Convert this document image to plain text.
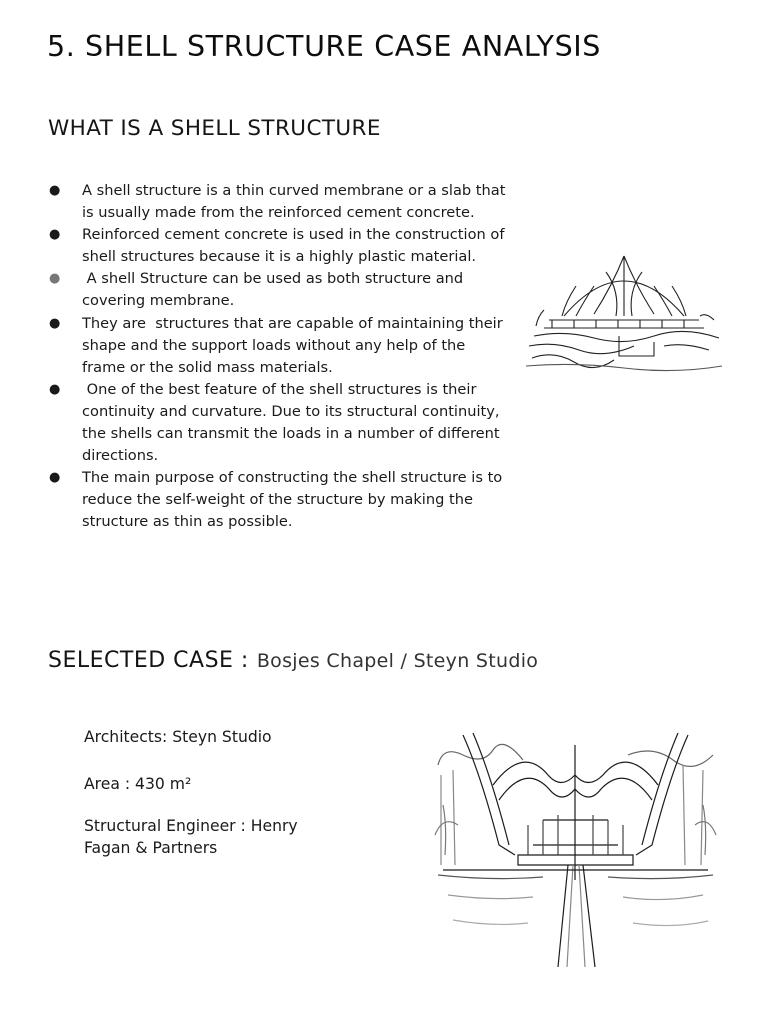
5. SHELL STRUCTURE CASE ANALYSIS
WHAT IS A SHELL STRUCTURE
● A shell structure is a thin curved membrane or a slab that is usually made from the reinforced cement concrete.
● Reinforced cement concrete is used in the construction of shell structures because it is a highly plastic material.
● A shell Structure can be used as both structure and covering membrane.
● They are  structures that are capable of maintaining their shape and the support loads without any help of the frame or the solid mass materials.
● One of the best feature of the shell structures is their continuity and curvature. Due to its structural continuity, the shells can transmit the loads in a number of different directions.
● The main purpose of constructing the shell structure is to reduce the self-weight of the structure by making the structure as thin as possible.
SELECTED CASE : Bosjes Chapel / Steyn Studio
Architects: Steyn Studio
Area : 430 m²
Structural Engineer : Henry Fagan & Partners
